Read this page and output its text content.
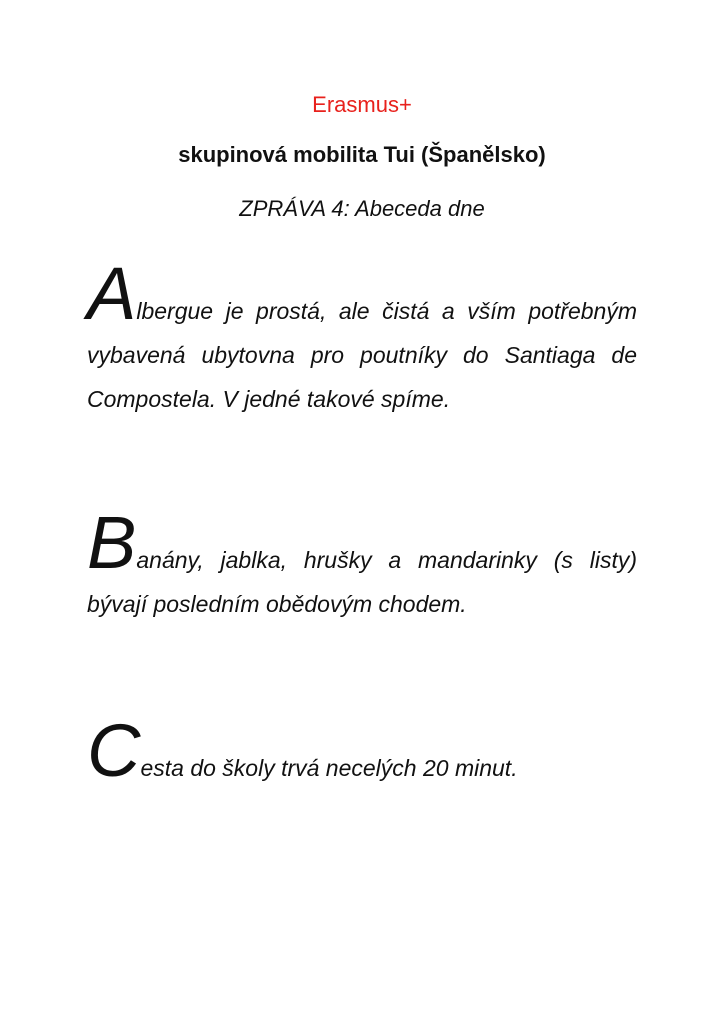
Erasmus+
skupinová mobilita Tui (Španělsko)
ZPRÁVA 4: Abeceda dne
Albergue je prostá, ale čistá a vším potřebným vybavená ubytovna pro poutníky do Santiaga de Compostela. V jedné takové spíme.
Banány, jablka, hrušky a mandarinky (s listy) bývají posledním obědovým chodem.
Cesta do školy trvá necelých 20 minut.
